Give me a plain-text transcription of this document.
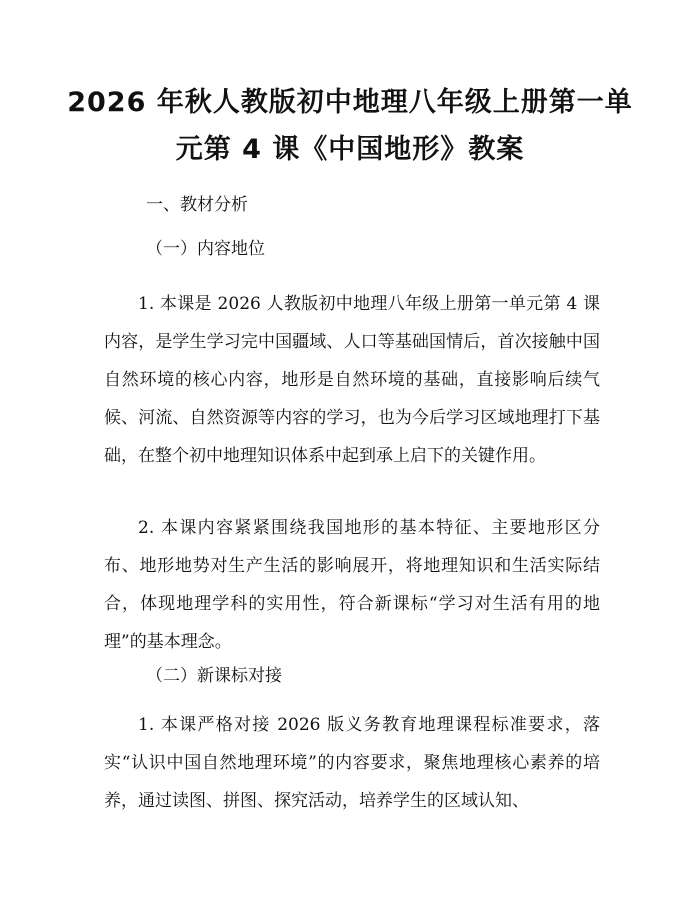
2026 年秋人教版初中地理八年级上册第一单
元第 4 课《中国地形》教案
一、教材分析
（一）内容地位

1. 本课是 2026 人教版初中地理八年级上册第一单元第 4 课内容，是学生学习完中国疆域、人口等基础国情后，首次接触中国自然环境的核心内容，地形是自然环境的基础，直接影响后续气候、河流、自然资源等内容的学习，也为今后学习区域地理打下基础，在整个初中地理知识体系中起到承上启下的关键作用。

2. 本课内容紧紧围绕我国地形的基本特征、主要地形区分布、地形地势对生产生活的影响展开，将地理知识和生活实际结合，体现地理学科的实用性，符合新课标“学习对生活有用的地理”的基本理念。

（二）新课标对接

1. 本课严格对接 2026 版义务教育地理课程标准要求，落实“认识中国自然地理环境”的内容要求，聚焦地理核心素养的培养，通过读图、拼图、探究活动，培养学生的区域认知、
